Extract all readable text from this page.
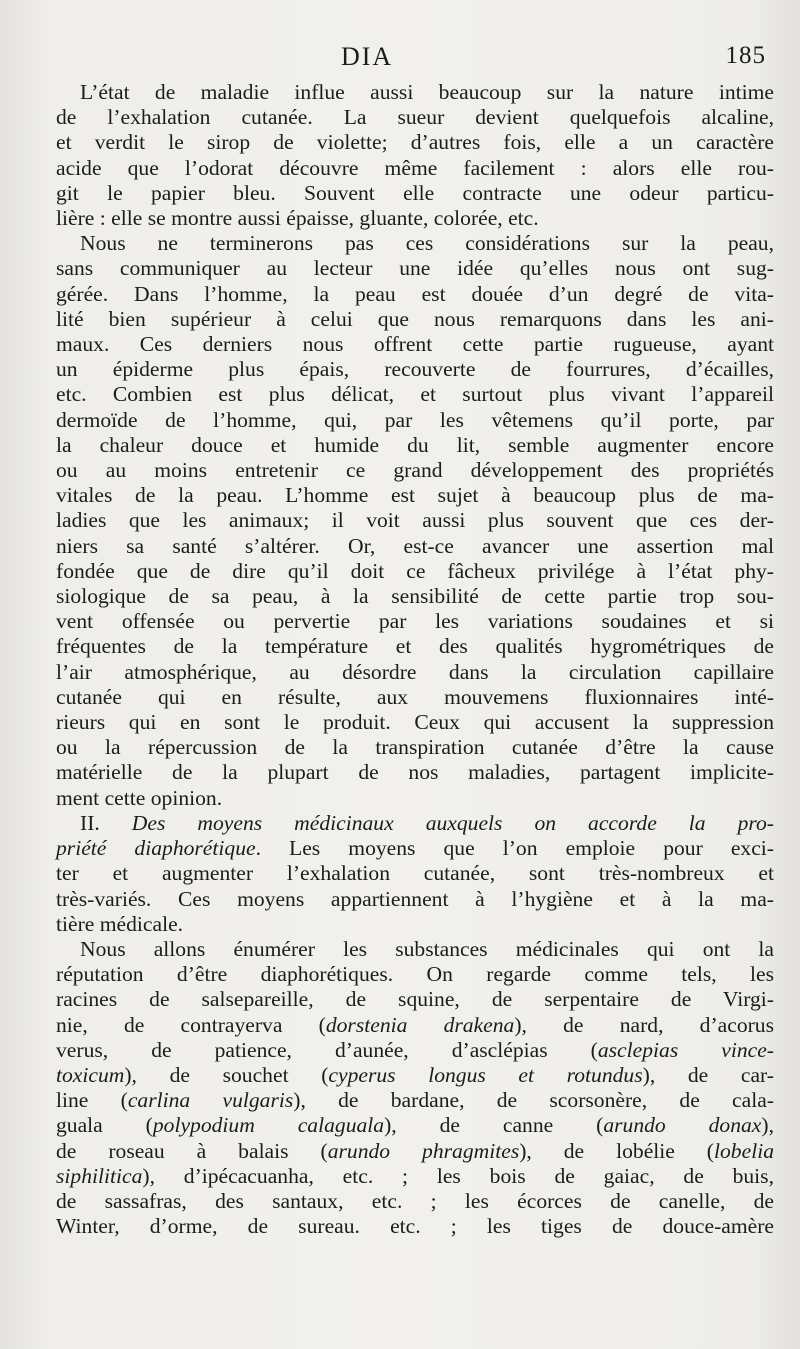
DIA	185
L’état de maladie influe aussi beaucoup sur la nature intime
de l’exhalation cutanée. La sueur devient quelquefois alcaline,
et verdit le sirop de violette; d’autres fois, elle a un caractère
acide que l’odorat découvre même facilement : alors elle rou-
git le papier bleu. Souvent elle contracte une odeur particu-
lière : elle se montre aussi épaisse, gluante, colorée, etc.
Nous ne terminerons pas ces considérations sur la peau,
sans communiquer au lecteur une idée qu’elles nous ont sug-
gérée. Dans l’homme, la peau est douée d’un degré de vita-
lité bien supérieur à celui que nous remarquons dans les ani-
maux. Ces derniers nous offrent cette partie rugueuse, ayant
un épiderme plus épais, recouverte de fourrures, d’écailles,
etc. Combien est plus délicat, et surtout plus vivant l’appareil
dermoïde de l’homme, qui, par les vêtemens qu’il porte, par
la chaleur douce et humide du lit, semble augmenter encore
ou au moins entretenir ce grand développement des propriétés
vitales de la peau. L’homme est sujet à beaucoup plus de ma-
ladies que les animaux; il voit aussi plus souvent que ces der-
niers sa santé s’altérer. Or, est-ce avancer une assertion mal
fondée que de dire qu’il doit ce fâcheux privilége à l’état phy-
siologique de sa peau, à la sensibilité de cette partie trop sou-
vent offensée ou pervertie par les variations soudaines et si
fréquentes de la température et des qualités hygrométriques de
l’air atmosphérique, au désordre dans la circulation capillaire
cutanée qui en résulte, aux mouvemens fluxionnaires inté-
rieurs qui en sont le produit. Ceux qui accusent la suppression
ou la répercussion de la transpiration cutanée d’être la cause
matérielle de la plupart de nos maladies, partagent implicite-
ment cette opinion.
II. Des moyens médicinaux auxquels on accorde la pro-
priété diaphorétique. Les moyens que l’on emploie pour exci-
ter et augmenter l’exhalation cutanée, sont très-nombreux et
très-variés. Ces moyens appartiennent à l’hygiène et à la ma-
tière médicale.
Nous allons énumérer les substances médicinales qui ont la
réputation d’être diaphorétiques. On regarde comme tels, les
racines de salsepareille, de squine, de serpentaire de Virgi-
nie, de contrayerva (dorstenia drakena), de nard, d’acorus
verus, de patience, d’aunée, d’asclépias (asclepias vince-
toxicum), de souchet (cyperus longus et rotundus), de car-
line (carlina vulgaris), de bardane, de scorsonère, de cala-
guala (polypodium calaguala), de canne (arundo donax),
de roseau à balais (arundo phragmites), de lobélie (lobelia
siphilitica), d’ipécacuanha, etc. ; les bois de gaiac, de buis,
de sassafras, des santaux, etc. ; les écorces de canelle, de
Winter, d’orme, de sureau. etc. ; les tiges de douce-amère
